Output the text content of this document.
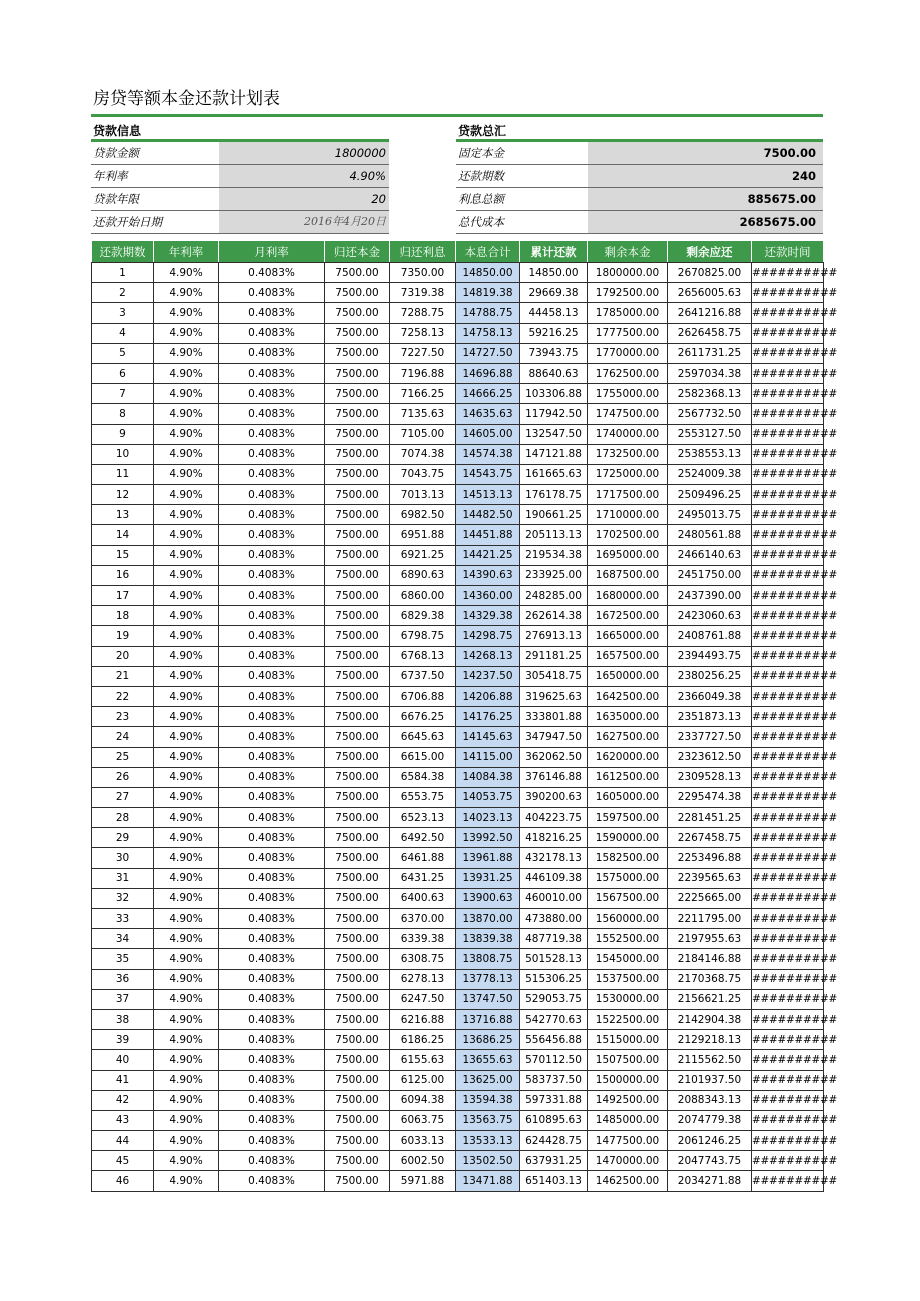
房贷等额本金还款计划表
贷款信息
贷款金额	1800000
年利率	4.90%
贷款年限	20
还款开始日期	2016年4月20日
贷款总汇
固定本金	7500.00
还款期数	240
利息总额	885675.00
总代成本	2685675.00
还款期数	年利率	月利率	归还本金	归还利息	本息合计	累计还款	剩余本金	剩余应还	还款时间
1	4.90%	0.4083%	7500.00	7350.00	14850.00	14850.00	1800000.00	2670825.00	##########
2	4.90%	0.4083%	7500.00	7319.38	14819.38	29669.38	1792500.00	2656005.63	##########
3	4.90%	0.4083%	7500.00	7288.75	14788.75	44458.13	1785000.00	2641216.88	##########
4	4.90%	0.4083%	7500.00	7258.13	14758.13	59216.25	1777500.00	2626458.75	##########
5	4.90%	0.4083%	7500.00	7227.50	14727.50	73943.75	1770000.00	2611731.25	##########
6	4.90%	0.4083%	7500.00	7196.88	14696.88	88640.63	1762500.00	2597034.38	##########
7	4.90%	0.4083%	7500.00	7166.25	14666.25	103306.88	1755000.00	2582368.13	##########
8	4.90%	0.4083%	7500.00	7135.63	14635.63	117942.50	1747500.00	2567732.50	##########
9	4.90%	0.4083%	7500.00	7105.00	14605.00	132547.50	1740000.00	2553127.50	##########
10	4.90%	0.4083%	7500.00	7074.38	14574.38	147121.88	1732500.00	2538553.13	##########
11	4.90%	0.4083%	7500.00	7043.75	14543.75	161665.63	1725000.00	2524009.38	##########
12	4.90%	0.4083%	7500.00	7013.13	14513.13	176178.75	1717500.00	2509496.25	##########
13	4.90%	0.4083%	7500.00	6982.50	14482.50	190661.25	1710000.00	2495013.75	##########
14	4.90%	0.4083%	7500.00	6951.88	14451.88	205113.13	1702500.00	2480561.88	##########
15	4.90%	0.4083%	7500.00	6921.25	14421.25	219534.38	1695000.00	2466140.63	##########
16	4.90%	0.4083%	7500.00	6890.63	14390.63	233925.00	1687500.00	2451750.00	##########
17	4.90%	0.4083%	7500.00	6860.00	14360.00	248285.00	1680000.00	2437390.00	##########
18	4.90%	0.4083%	7500.00	6829.38	14329.38	262614.38	1672500.00	2423060.63	##########
19	4.90%	0.4083%	7500.00	6798.75	14298.75	276913.13	1665000.00	2408761.88	##########
20	4.90%	0.4083%	7500.00	6768.13	14268.13	291181.25	1657500.00	2394493.75	##########
21	4.90%	0.4083%	7500.00	6737.50	14237.50	305418.75	1650000.00	2380256.25	##########
22	4.90%	0.4083%	7500.00	6706.88	14206.88	319625.63	1642500.00	2366049.38	##########
23	4.90%	0.4083%	7500.00	6676.25	14176.25	333801.88	1635000.00	2351873.13	##########
24	4.90%	0.4083%	7500.00	6645.63	14145.63	347947.50	1627500.00	2337727.50	##########
25	4.90%	0.4083%	7500.00	6615.00	14115.00	362062.50	1620000.00	2323612.50	##########
26	4.90%	0.4083%	7500.00	6584.38	14084.38	376146.88	1612500.00	2309528.13	##########
27	4.90%	0.4083%	7500.00	6553.75	14053.75	390200.63	1605000.00	2295474.38	##########
28	4.90%	0.4083%	7500.00	6523.13	14023.13	404223.75	1597500.00	2281451.25	##########
29	4.90%	0.4083%	7500.00	6492.50	13992.50	418216.25	1590000.00	2267458.75	##########
30	4.90%	0.4083%	7500.00	6461.88	13961.88	432178.13	1582500.00	2253496.88	##########
31	4.90%	0.4083%	7500.00	6431.25	13931.25	446109.38	1575000.00	2239565.63	##########
32	4.90%	0.4083%	7500.00	6400.63	13900.63	460010.00	1567500.00	2225665.00	##########
33	4.90%	0.4083%	7500.00	6370.00	13870.00	473880.00	1560000.00	2211795.00	##########
34	4.90%	0.4083%	7500.00	6339.38	13839.38	487719.38	1552500.00	2197955.63	##########
35	4.90%	0.4083%	7500.00	6308.75	13808.75	501528.13	1545000.00	2184146.88	##########
36	4.90%	0.4083%	7500.00	6278.13	13778.13	515306.25	1537500.00	2170368.75	##########
37	4.90%	0.4083%	7500.00	6247.50	13747.50	529053.75	1530000.00	2156621.25	##########
38	4.90%	0.4083%	7500.00	6216.88	13716.88	542770.63	1522500.00	2142904.38	##########
39	4.90%	0.4083%	7500.00	6186.25	13686.25	556456.88	1515000.00	2129218.13	##########
40	4.90%	0.4083%	7500.00	6155.63	13655.63	570112.50	1507500.00	2115562.50	##########
41	4.90%	0.4083%	7500.00	6125.00	13625.00	583737.50	1500000.00	2101937.50	##########
42	4.90%	0.4083%	7500.00	6094.38	13594.38	597331.88	1492500.00	2088343.13	##########
43	4.90%	0.4083%	7500.00	6063.75	13563.75	610895.63	1485000.00	2074779.38	##########
44	4.90%	0.4083%	7500.00	6033.13	13533.13	624428.75	1477500.00	2061246.25	##########
45	4.90%	0.4083%	7500.00	6002.50	13502.50	637931.25	1470000.00	2047743.75	##########
46	4.90%	0.4083%	7500.00	5971.88	13471.88	651403.13	1462500.00	2034271.88	##########
